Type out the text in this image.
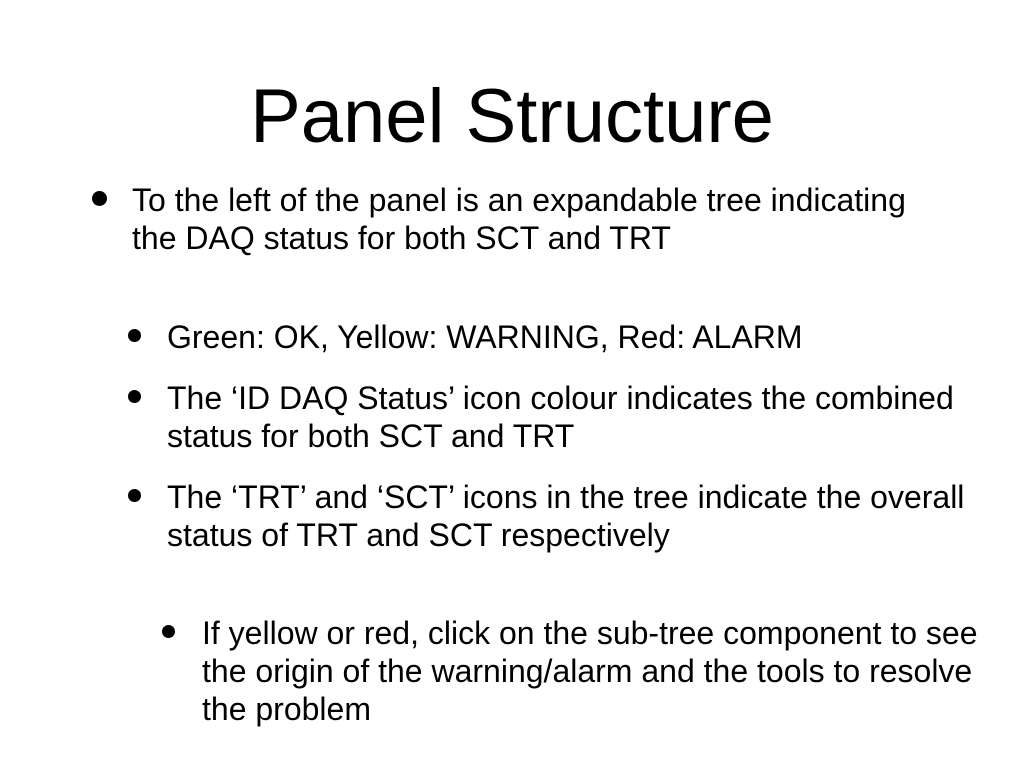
Panel Structure
To the left of the panel is an expandable tree indicating the DAQ status for both SCT and TRT
Green: OK, Yellow: WARNING, Red: ALARM
The ‘ID DAQ Status’ icon colour indicates the combined status for both SCT and TRT
The ‘TRT’ and ‘SCT’ icons in the tree indicate the overall status of TRT and SCT respectively
If yellow or red, click on the sub-tree component to see the origin of the warning/alarm and the tools to resolve the problem
